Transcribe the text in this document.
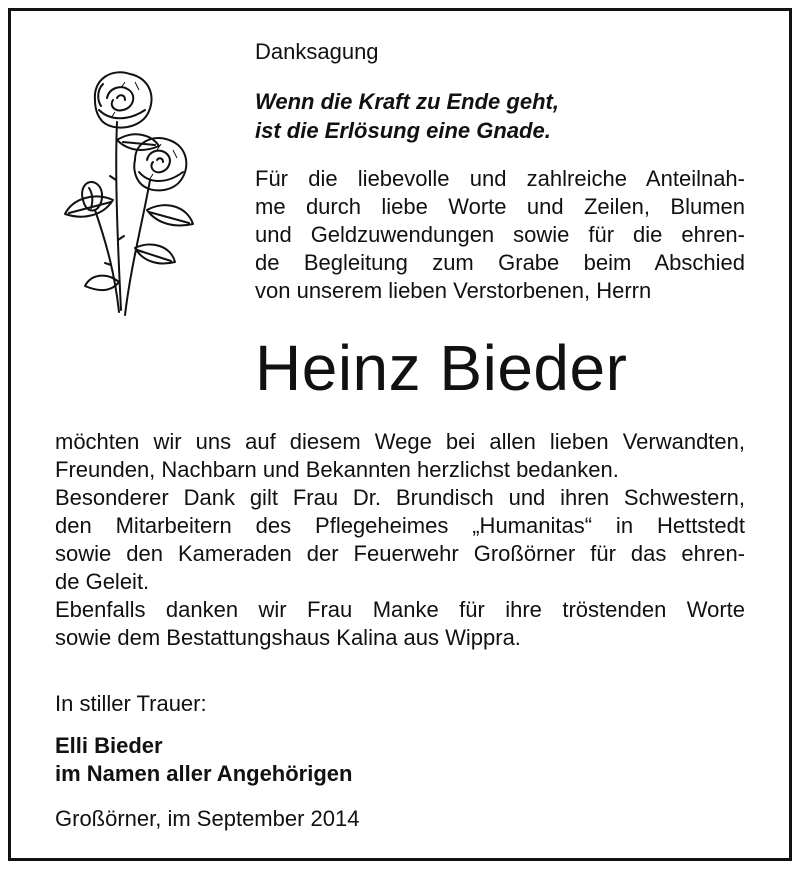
Danksagung
Wenn die Kraft zu Ende geht,
ist die Erlösung eine Gnade.
Für die liebevolle und zahlreiche Anteilnah-
me durch liebe Worte und Zeilen, Blumen
und Geldzuwendungen sowie für die ehren-
de Begleitung zum Grabe beim Abschied
von unserem lieben Verstorbenen, Herrn
Heinz Bieder
möchten wir uns auf diesem Wege bei allen lieben Verwandten,
Freunden, Nachbarn und Bekannten herzlichst bedanken.
Besonderer Dank gilt Frau Dr. Brundisch und ihren Schwestern,
den Mitarbeitern des Pflegeheimes „Humanitas“ in Hettstedt
sowie den Kameraden der Feuerwehr Großörner für das ehren-
de Geleit.
Ebenfalls danken wir Frau Manke für ihre tröstenden Worte
sowie dem Bestattungshaus Kalina aus Wippra.
In stiller Trauer:
Elli Bieder
im Namen aller Angehörigen
Großörner, im September 2014
